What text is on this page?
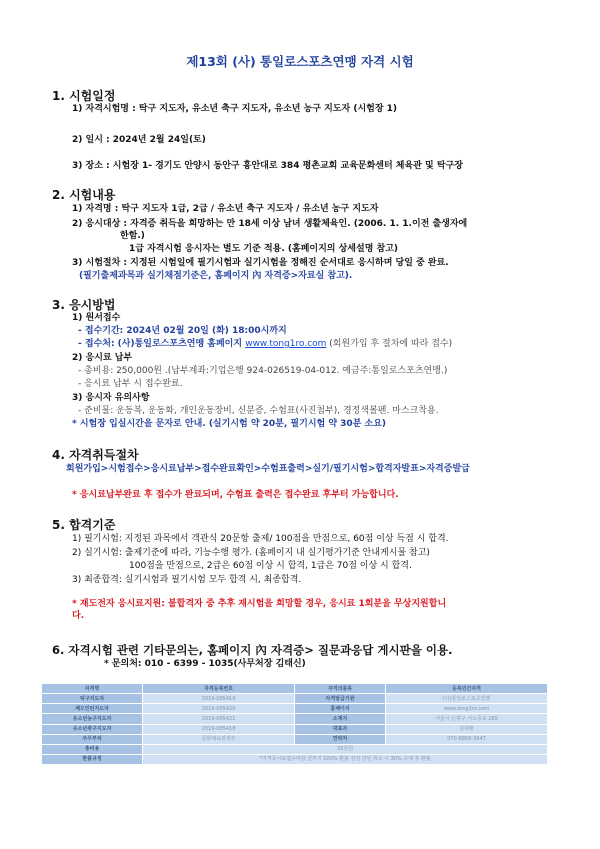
제13회 (사) 통일로스포츠연맹 자격 시험
1. 시험일정
1) 자격시험명 : 탁구 지도자, 유소년 축구 지도자, 유소년 농구 지도자 (시험장 1)
2) 일시 : 2024년 2월 24일(토)
3) 장소 : 시험장 1- 경기도 안양시 동안구 흥안대로 384 평촌교회 교육문화센터 체육관 및 탁구장
2. 시험내용
1) 자격명 : 탁구 지도자 1급, 2급 / 유소년 축구 지도자 / 유소년 농구 지도자
2) 응시대상 : 자격증 취득을 희망하는 만 18세 이상 남녀 생활체육인. (2006. 1. 1.이전 출생자에
한함.)
1급 자격시험 응시자는 별도 기준 적용. (홈페이지의 상세설명 참고)
3) 시험절차 : 지정된 시험일에 필기시험과 실기시험을 정해진 순서대로 응시하며 당일 중 완료.
(필기출제과목과 실기채점기준은, 홈페이지 內 자격증>자료실 참고).
3. 응시방법
1) 원서접수
- 접수기간: 2024년 02월 20일 (화) 18:00시까지
- 접수처: (사)통일로스포츠연맹 홈페이지 www.tong1ro.com (회원가입 후 절차에 따라 접수)
2) 응시료 납부
- 총비용: 250,000원 .(납부계좌:기업은행 924-026519-04-012. 예금주:통일로스포츠연맹.)
- 응시료 납부 시 접수완료.
3) 응시자 유의사항
- 준비물: 운동복, 운동화, 개인운동장비, 신분증, 수험표(사진첨부), 경정색볼펜. 마스크착용.
* 시험장 입실시간을 문자로 안내. (실기시험 약 20분, 필기시험 약 30분 소요)
4. 자격취득절차
회원가입>시험접수>응시료납부>접수완료확인>수험표출력>실기/필기시험>합격자발표>자격증발급
* 응시료납부완료 후 접수가 완료되며, 수험표 출력은 접수완료 후부터 가능합니다.
5. 합격기준
1) 필기시험: 지정된 과목에서 객관식 20문항 출제/ 100점을 만점으로, 60점 이상 득점 시 합격.
2) 실기시험: 출제기준에 따라, 기능수행 평가. (홈페이지 내 실기평가기준 안내게시물 참고)
100점을 만점으로, 2급은 60점 이상 시 합격, 1급은 70점 이상 시 합격.
3) 최종합격: 실기시험과 필기시험 모두 합격 시, 최종합격.
* 재도전자 응시료지원: 불합격자 중 추후 재시험을 희망할 경우, 응시료 1회분을 무상지원합니
다.
6. 자격시험 관련 기타문의는, 홈페이지 內 자격증> 질문과응답 게시판을 이용.
* 문의처: 010 - 6399 - 1035(사무처장 김태신)
자격명	자격등록번호	자격의종류	등록민간자격
탁구지도자	2019-005419	자격발급기관	(사)통일로스포츠연맹
패드민턴지도자	2019-005420	홈페이지	www.tong1ro.com
유소년농구지도자	2019-005421	소재지	서울시 은평구 서오릉로 265
유소년축구지도자	2019-005418	대표자	김덕환
주무부처	문화체육관광부	연락처	070-8858-3947
총비용	25만원		
환불규정	*자격증시료접수마감 전까지 100% 환불 검정 당일 취소 시 30% 공제 후 환불		
